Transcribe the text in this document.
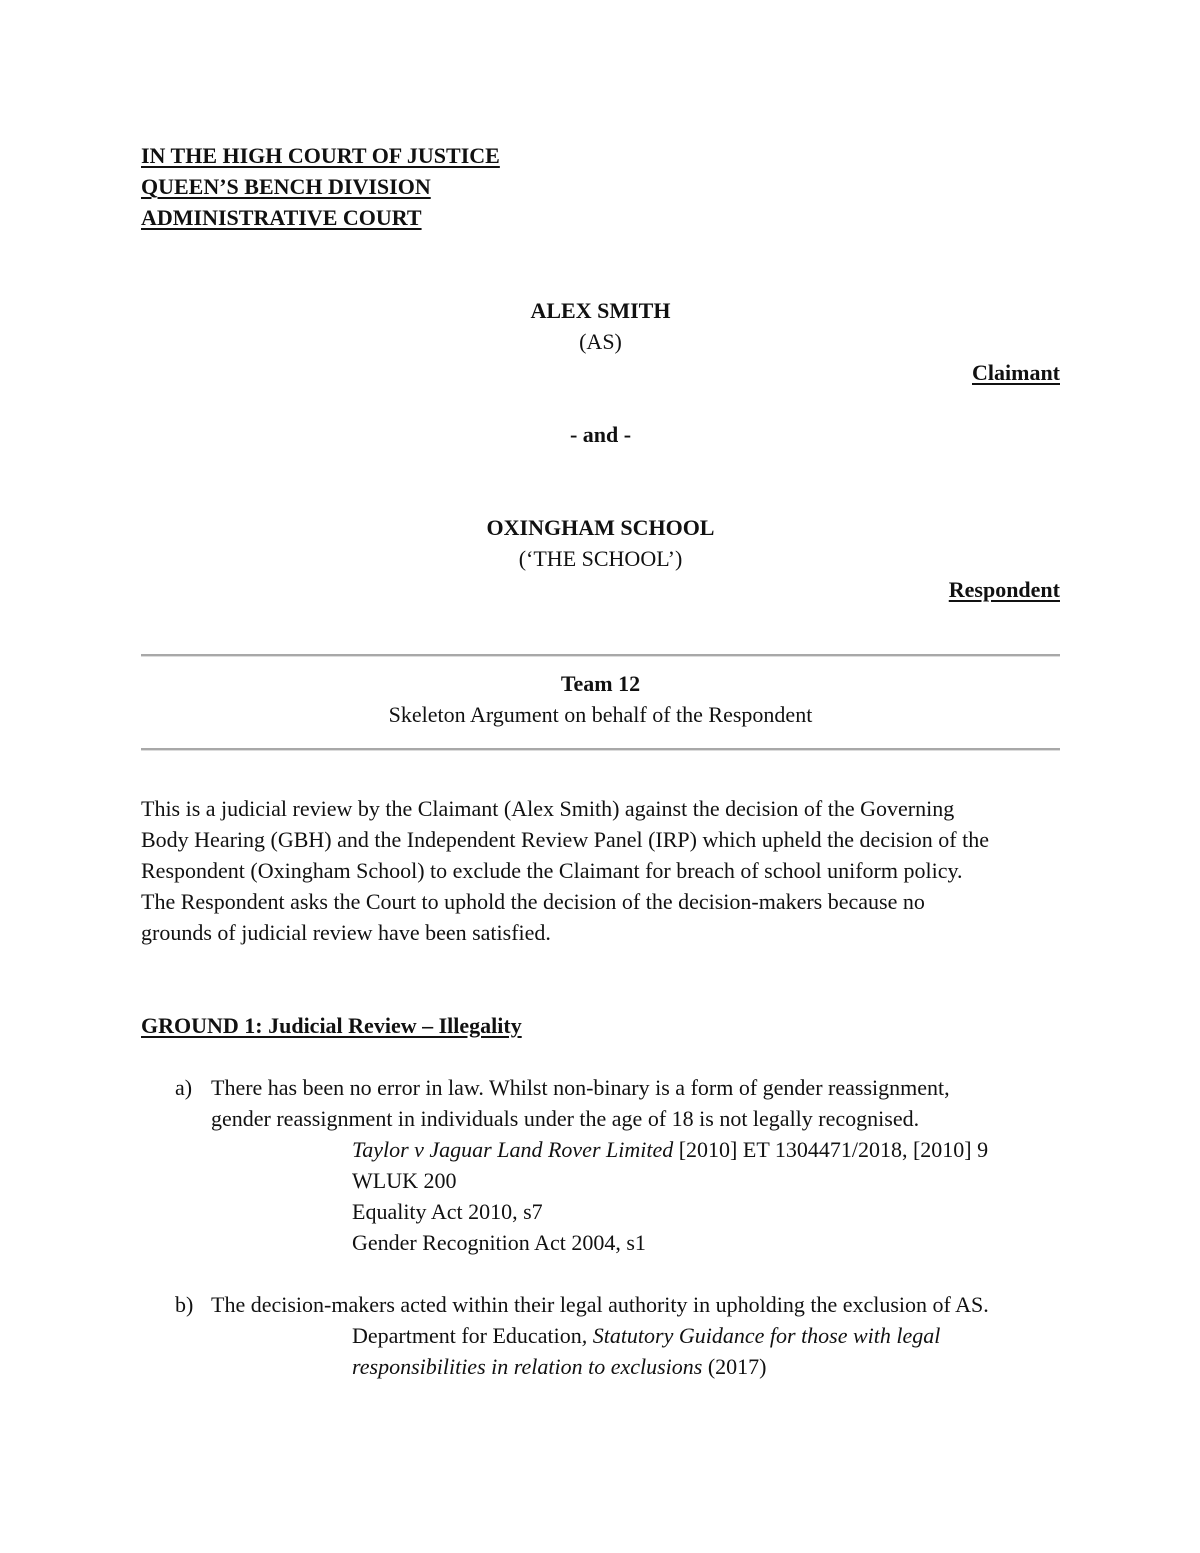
IN THE HIGH COURT OF JUSTICE
QUEEN’S BENCH DIVISION
ADMINISTRATIVE COURT
ALEX SMITH
(AS)
Claimant
- and -
OXINGHAM SCHOOL
(‘THE SCHOOL’)
Respondent
Team 12
Skeleton Argument on behalf of the Respondent
This is a judicial review by the Claimant (Alex Smith) against the decision of the Governing
Body Hearing (GBH) and the Independent Review Panel (IRP) which upheld the decision of the
Respondent (Oxingham School) to exclude the Claimant for breach of school uniform policy.
The Respondent asks the Court to uphold the decision of the decision-makers because no
grounds of judicial review have been satisfied.
GROUND 1: Judicial Review – Illegality
a) There has been no error in law. Whilst non-binary is a form of gender reassignment,
gender reassignment in individuals under the age of 18 is not legally recognised.
Taylor v Jaguar Land Rover Limited [2010] ET 1304471/2018, [2010] 9 WLUK 200
Equality Act 2010, s7
Gender Recognition Act 2004, s1
b) The decision-makers acted within their legal authority in upholding the exclusion of AS.
Department for Education, Statutory Guidance for those with legal responsibilities in relation to exclusions (2017)
